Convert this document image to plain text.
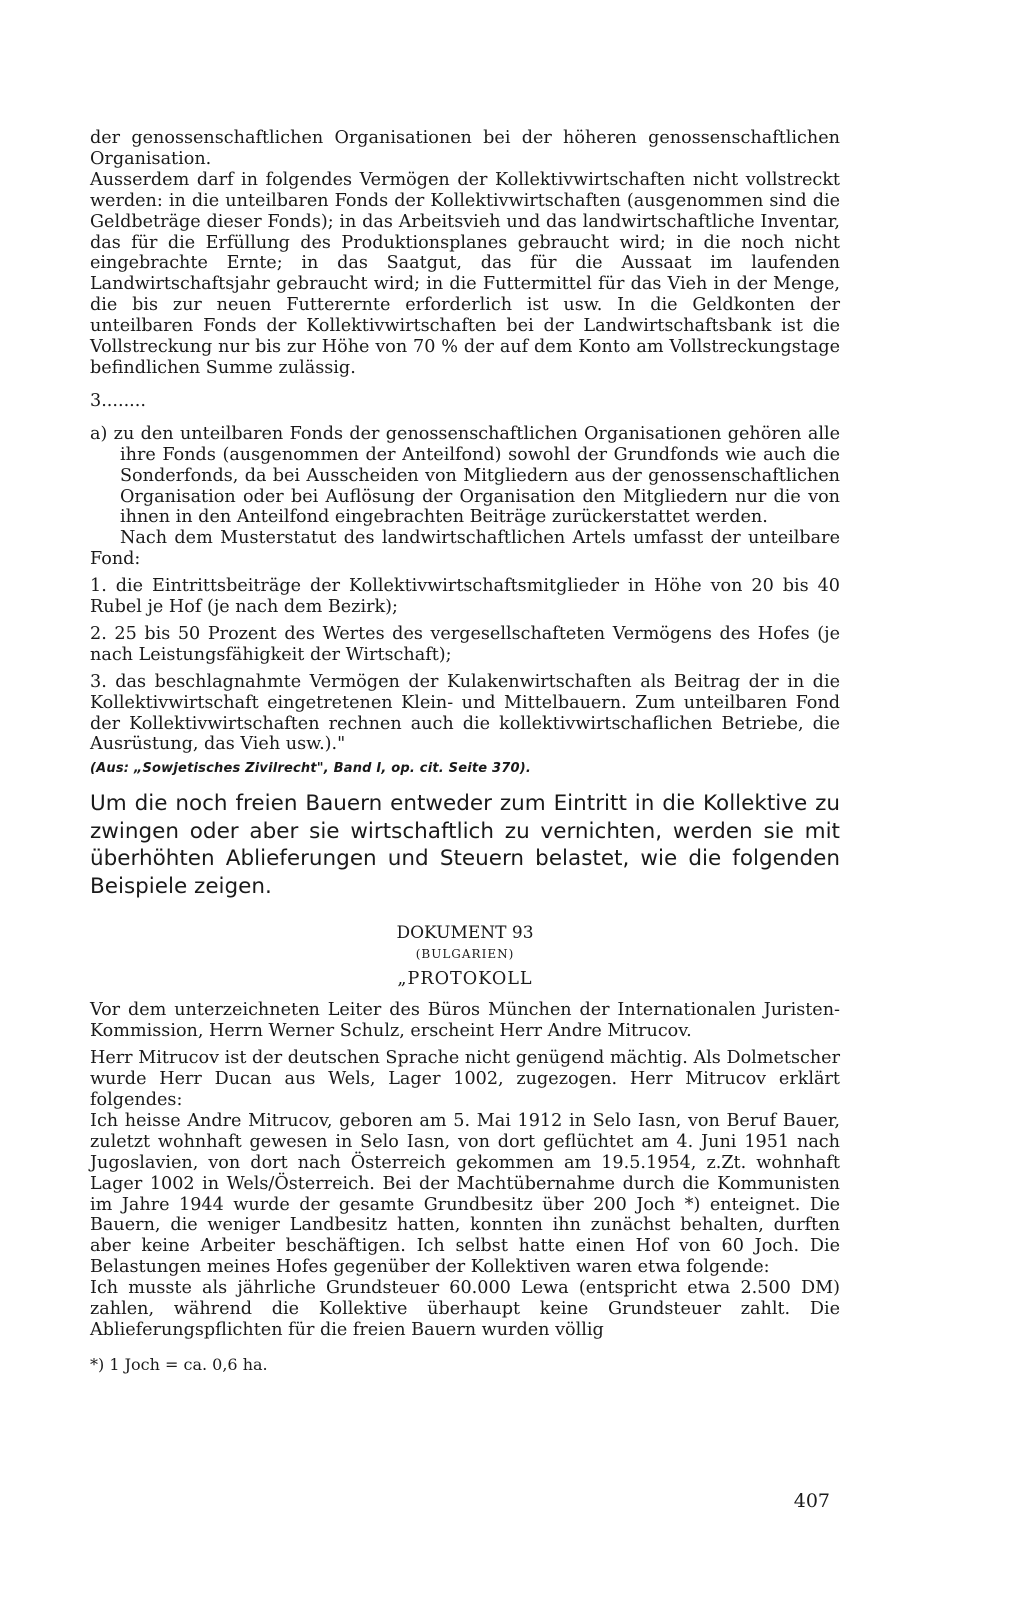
der genossenschaftlichen Organisationen bei der höheren genossenschaftlichen Organisation.

Ausserdem darf in folgendes Vermögen der Kollektivwirtschaften nicht vollstreckt werden: in die unteilbaren Fonds der Kollektivwirtschaften (ausgenommen sind die Geldbeträge dieser Fonds); in das Arbeitsvieh und das landwirtschaftliche Inventar, das für die Erfüllung des Produktionsplanes gebraucht wird; in die noch nicht eingebrachte Ernte; in das Saatgut, das für die Aussaat im laufenden Landwirtschaftsjahr gebraucht wird; in die Futtermittel für das Vieh in der Menge, die bis zur neuen Futterernte erforderlich ist usw. In die Geldkonten der unteilbaren Fonds der Kollektivwirtschaften bei der Landwirtschaftsbank ist die Vollstreckung nur bis zur Höhe von 70 % der auf dem Konto am Vollstreckungstage befindlichen Summe zulässig.

3........

a) zu den unteilbaren Fonds der genossenschaftlichen Organisationen gehören alle ihre Fonds (ausgenommen der Anteilfond) sowohl der Grundfonds wie auch die Sonderfonds, da bei Ausscheiden von Mitgliedern aus der genossenschaftlichen Organisation oder bei Auflösung der Organisation den Mitgliedern nur die von ihnen in den Anteilfond eingebrachten Beiträge zurückerstattet werden.

Nach dem Musterstatut des landwirtschaftlichen Artels umfasst der unteilbare Fond:

1. die Eintrittsbeiträge der Kollektivwirtschaftsmitglieder in Höhe von 20 bis 40 Rubel je Hof (je nach dem Bezirk);

2. 25 bis 50 Prozent des Wertes des vergesellschafteten Vermögens des Hofes (je nach Leistungsfähigkeit der Wirtschaft);

3. das beschlagnahmte Vermögen der Kulakenwirtschaften als Beitrag der in die Kollektivwirtschaft eingetretenen Klein- und Mittelbauern. Zum unteilbaren Fond der Kollektivwirtschaften rechnen auch die kollektivwirtschaflichen Betriebe, die Ausrüstung, das Vieh usw.)."

(Aus: „Sowjetisches Zivilrecht", Band I, op. cit. Seite 370).

Um die noch freien Bauern entweder zum Eintritt in die Kollektive zu zwingen oder aber sie wirtschaftlich zu vernichten, werden sie mit überhöhten Ablieferungen und Steuern belastet, wie die folgenden Beispiele zeigen.

DOKUMENT 93

(BULGARIEN)

„PROTOKOLL

Vor dem unterzeichneten Leiter des Büros München der Internationalen Juristen-Kommission, Herrn Werner Schulz, erscheint Herr Andre Mitrucov.

Herr Mitrucov ist der deutschen Sprache nicht genügend mächtig. Als Dolmetscher wurde Herr Ducan aus Wels, Lager 1002, zugezogen. Herr Mitrucov erklärt folgendes:

Ich heisse Andre Mitrucov, geboren am 5. Mai 1912 in Selo Iasn, von Beruf Bauer, zuletzt wohnhaft gewesen in Selo Iasn, von dort geflüchtet am 4. Juni 1951 nach Jugoslavien, von dort nach Österreich gekommen am 19.5.1954, z.Zt. wohnhaft Lager 1002 in Wels/Österreich. Bei der Machtübernahme durch die Kommunisten im Jahre 1944 wurde der gesamte Grundbesitz über 200 Joch *) enteignet. Die Bauern, die weniger Landbesitz hatten, konnten ihn zunächst behalten, durften aber keine Arbeiter beschäftigen. Ich selbst hatte einen Hof von 60 Joch. Die Belastungen meines Hofes gegenüber der Kollektiven waren etwa folgende:

Ich musste als jährliche Grundsteuer 60.000 Lewa (entspricht etwa 2.500 DM) zahlen, während die Kollektive überhaupt keine Grundsteuer zahlt. Die Ablieferungspflichten für die freien Bauern wurden völlig

*) 1 Joch = ca. 0,6 ha.

407
